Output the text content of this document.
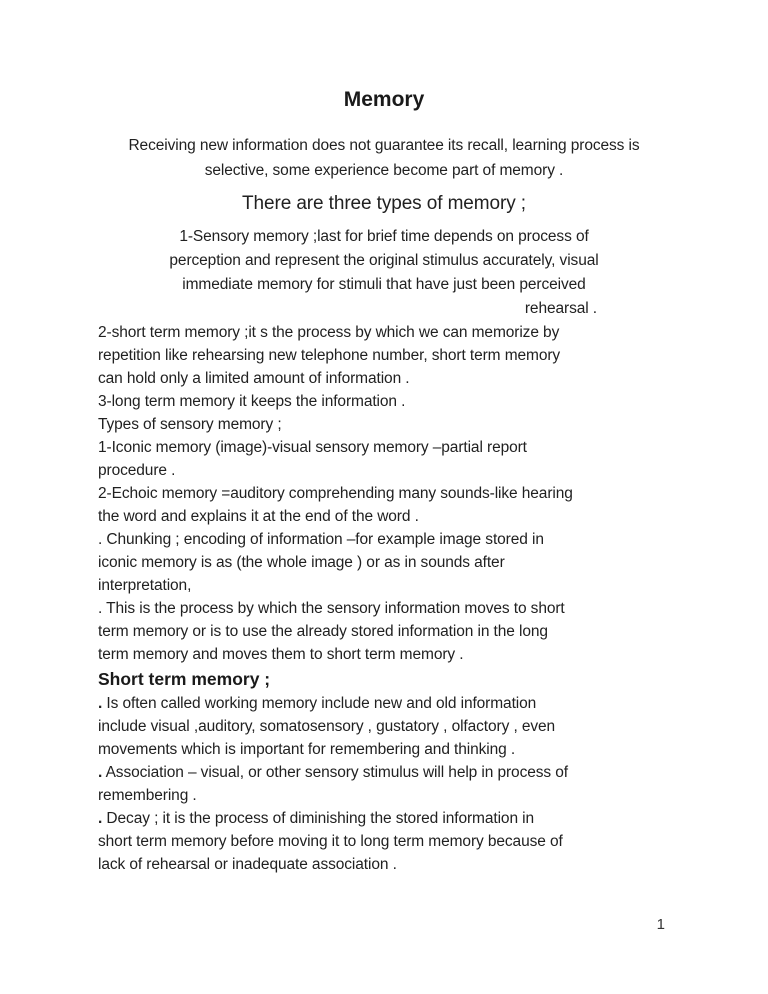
Memory
Receiving new information does not guarantee its recall, learning process is
selective, some experience become part of memory .
There are three types of memory ;
1-Sensory memory ;last for brief time depends on process of
perception and represent the original stimulus accurately, visual
immediate memory for stimuli that have just been perceived
rehearsal .
2-short term memory ;it s the process by which we can memorize by
repetition like rehearsing new telephone number, short term memory
can hold only a limited amount of information .
3-long term memory it keeps the information .
Types of sensory memory ;
1-Iconic memory (image)-visual sensory memory –partial report
procedure .
2-Echoic memory =auditory comprehending many sounds-like hearing
the word and explains it at the end of the word .
. Chunking ; encoding of information –for example image stored in
iconic memory is as (the whole image ) or as in sounds after
interpretation,
. This is the process by which the sensory information moves to short
term memory or is to use the already stored information in the long
term memory and moves them to short term memory .
Short term memory ;
. Is often called working memory include new and old information
include visual ,auditory, somatosensory , gustatory , olfactory , even
movements which is important for remembering and thinking .
. Association – visual, or other sensory stimulus will help in process of
remembering .
. Decay ; it is the process of diminishing the stored information in
short term memory before moving it to long term memory because of
lack of rehearsal or inadequate association .
1
